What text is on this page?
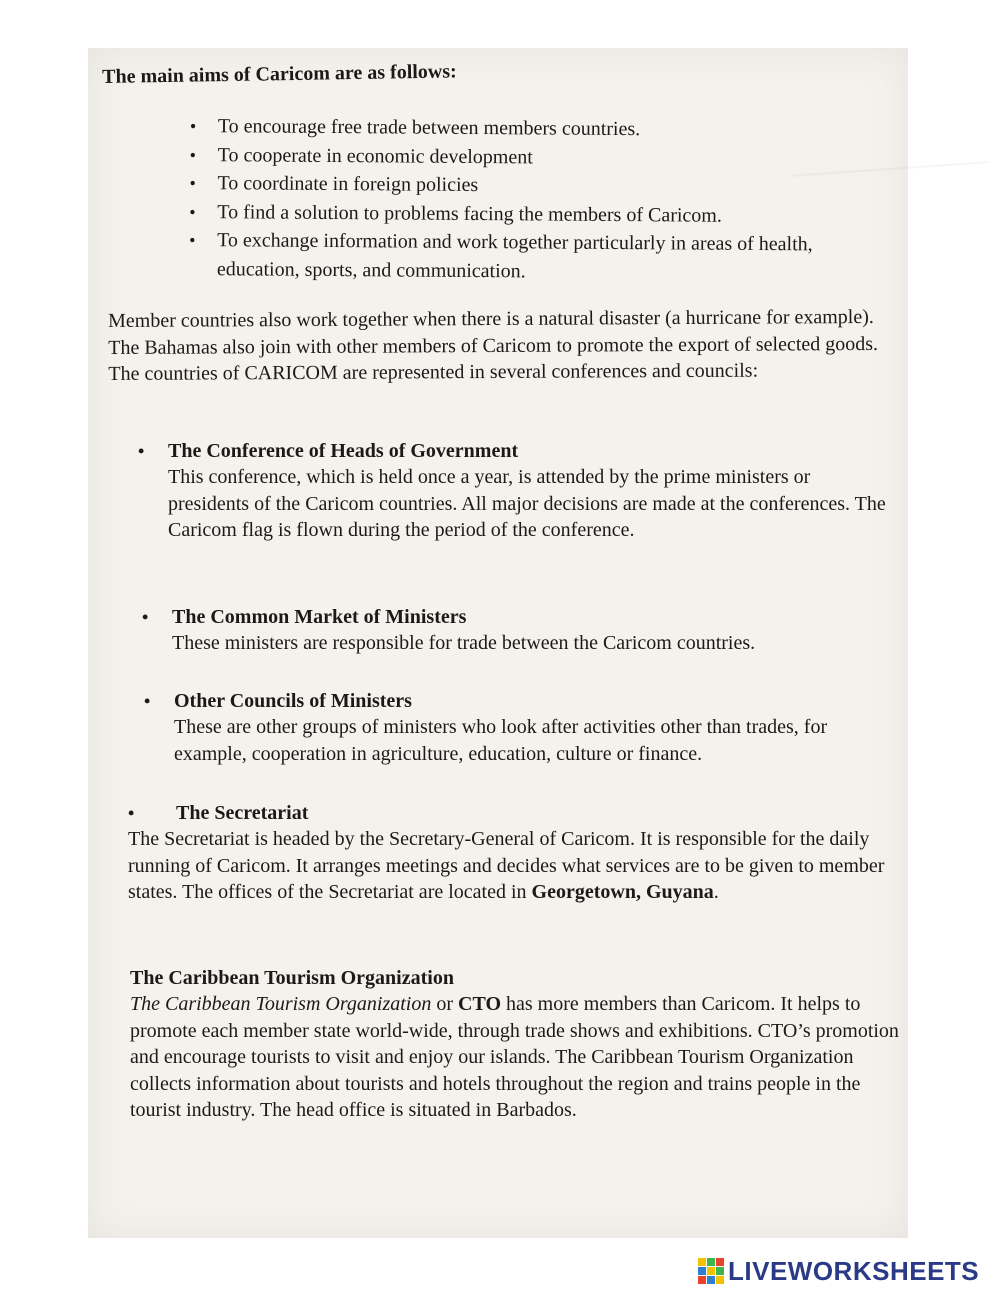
The main aims of Caricom are as follows:
• To encourage free trade between members countries.
• To cooperate in economic development
• To coordinate in foreign policies
• To find a solution to problems facing the members of Caricom.
• To exchange information and work together particularly in areas of health, education, sports, and communication.

Member countries also work together when there is a natural disaster (a hurricane for example). The Bahamas also join with other members of Caricom to promote the export of selected goods. The countries of CARICOM are represented in several conferences and councils:

• The Conference of Heads of Government

This conference, which is held once a year, is attended by the prime ministers or presidents of the Caricom countries. All major decisions are made at the conferences. The Caricom flag is flown during the period of the conference.

• The Common Market of Ministers

These ministers are responsible for trade between the Caricom countries.

• Other Councils of Ministers

These are other groups of ministers who look after activities other than trades, for example, cooperation in agriculture, education, culture or finance.

• The Secretariat

The Secretariat is headed by the Secretary-General of Caricom. It is responsible for the daily running of Caricom. It arranges meetings and decides what services are to be given to member states. The offices of the Secretariat are located in Georgetown, Guyana.

The Caribbean Tourism Organization

The Caribbean Tourism Organization or CTO has more members than Caricom. It helps to promote each member state world-wide, through trade shows and exhibitions. CTO’s promotion and encourage tourists to visit and enjoy our islands. The Caribbean Tourism Organization collects information about tourists and hotels throughout the region and trains people in the tourist industry. The head office is situated in Barbados.

LIVEWORKSHEETS
